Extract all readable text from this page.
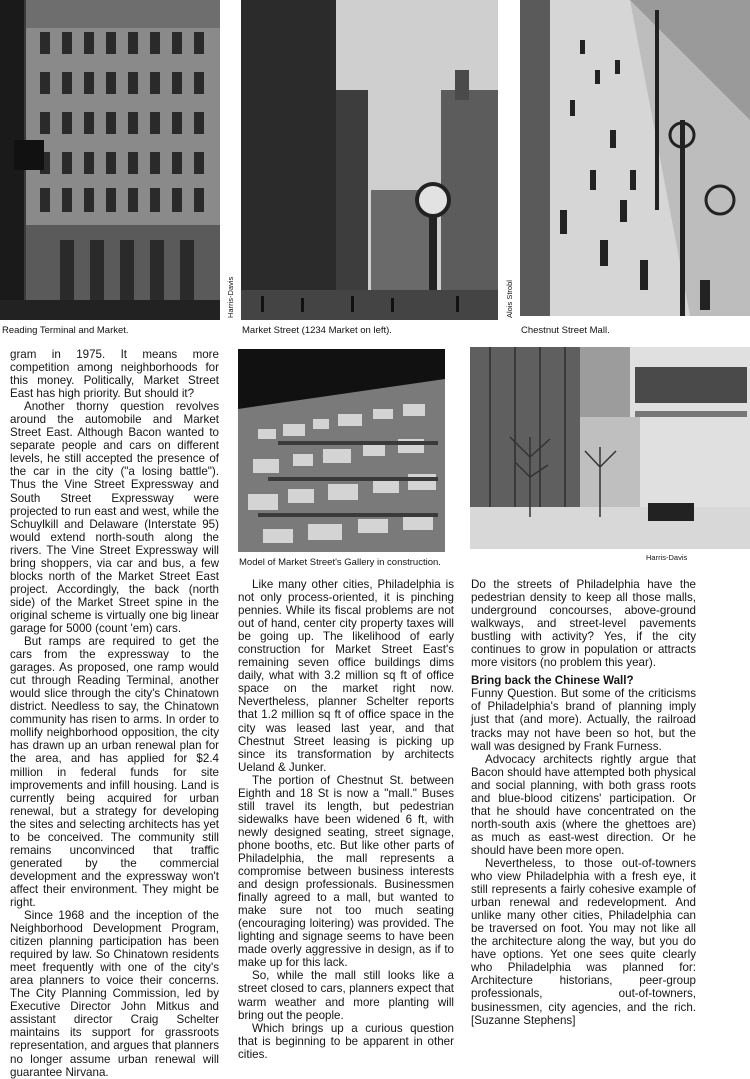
Reading Terminal and Market.
Harris-Davis
Market Street (1234 Market on left).
Alois Strobl
Chestnut Street Mall.
Model of Market Street's Gallery in construction.	Harris-Davis

gram in 1975. It means more competition among neighborhoods for this money. Politically, Market Street East has high priority. But should it?

Another thorny question revolves around the automobile and Market Street East. Although Bacon wanted to separate people and cars on different levels, he still accepted the presence of the car in the city ("a losing battle"). Thus the Vine Street Expressway and South Street Expressway were projected to run east and west, while the Schuylkill and Delaware (Interstate 95) would extend north-south along the rivers. The Vine Street Expressway will bring shoppers, via car and bus, a few blocks north of the Market Street East project. Accordingly, the back (north side) of the Market Street spine in the original scheme is virtually one big linear garage for 5000 (count 'em) cars.

But ramps are required to get the cars from the expressway to the garages. As proposed, one ramp would cut through Reading Terminal, another would slice through the city's Chinatown district. Needless to say, the Chinatown community has risen to arms. In order to mollify neighborhood opposition, the city has drawn up an urban renewal plan for the area, and has applied for $2.4 million in federal funds for site improvements and infill housing. Land is currently being acquired for urban renewal, but a strategy for developing the sites and selecting architects has yet to be conceived. The community still remains unconvinced that traffic generated by the commercial development and the expressway won't affect their environment. They might be right.

Since 1968 and the inception of the Neighborhood Development Program, citizen planning participation has been required by law. So Chinatown residents meet frequently with one of the city's area planners to voice their concerns. The City Planning Commission, led by Executive Director John Mitkus and assistant director Craig Schelter maintains its support for grassroots representation, and argues that planners no longer assume urban renewal will guarantee Nirvana.

Like many other cities, Philadelphia is not only process-oriented, it is pinching pennies. While its fiscal problems are not out of hand, center city property taxes will be going up. The likelihood of early construction for Market Street East's remaining seven office buildings dims daily, what with 3.2 million sq ft of office space on the market right now. Nevertheless, planner Schelter reports that 1.2 million sq ft of office space in the city was leased last year, and that Chestnut Street leasing is picking up since its transformation by architects Ueland & Junker.

The portion of Chestnut St. between Eighth and 18 St is now a "mall." Buses still travel its length, but pedestrian sidewalks have been widened 6 ft, with newly designed seating, street signage, phone booths, etc. But like other parts of Philadelphia, the mall represents a compromise between business interests and design professionals. Businessmen finally agreed to a mall, but wanted to make sure not too much seating (encouraging loitering) was provided. The lighting and signage seems to have been made overly aggressive in design, as if to make up for this lack.

So, while the mall still looks like a street closed to cars, planners expect that warm weather and more planting will bring out the people.

Which brings up a curious question that is beginning to be apparent in other cities.

Do the streets of Philadelphia have the pedestrian density to keep all those malls, underground concourses, above-ground walkways, and street-level pavements bustling with activity? Yes, if the city continues to grow in population or attracts more visitors (no problem this year).

Bring back the Chinese Wall?

Funny Question. But some of the criticisms of Philadelphia's brand of planning imply just that (and more). Actually, the railroad tracks may not have been so hot, but the wall was designed by Frank Furness.

Advocacy architects rightly argue that Bacon should have attempted both physical and social planning, with both grass roots and blue-blood citizens' participation. Or that he should have concentrated on the north-south axis (where the ghettoes are) as much as east-west direction. Or he should have been more open.

Nevertheless, to those out-of-towners who view Philadelphia with a fresh eye, it still represents a fairly cohesive example of urban renewal and redevelopment. And unlike many other cities, Philadelphia can be traversed on foot. You may not like all the architecture along the way, but you do have options. Yet one sees quite clearly who Philadelphia was planned for: Architecture historians, peer-group professionals, out-of-towners, businessmen, city agencies, and the rich. [Suzanne Stephens]
